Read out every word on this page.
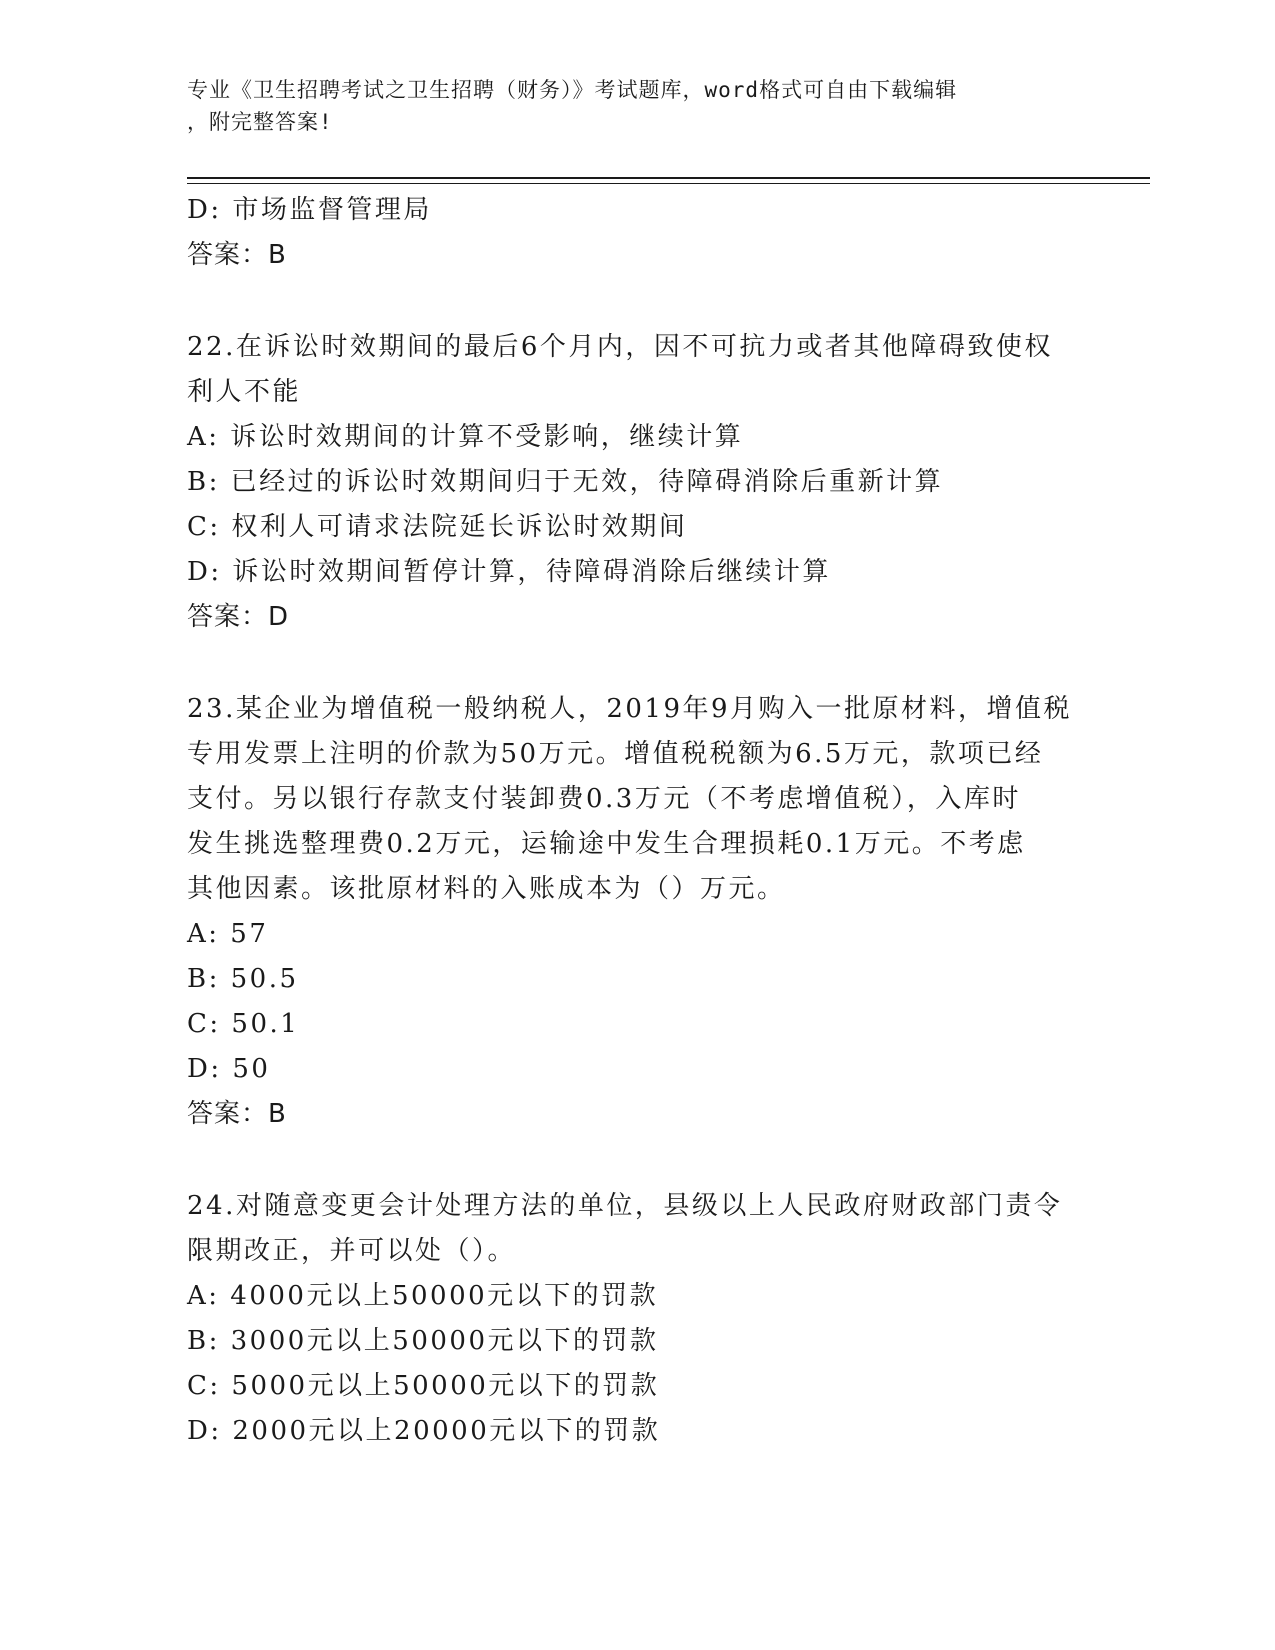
专业《卫生招聘考试之卫生招聘（财务）》考试题库，word格式可自由下载编辑
，附完整答案!
D: 市场监督管理局
答案：B
22.在诉讼时效期间的最后6个月内，因不可抗力或者其他障碍致使权
利人不能
A: 诉讼时效期间的计算不受影响，继续计算
B: 已经过的诉讼时效期间归于无效，待障碍消除后重新计算
C: 权利人可请求法院延长诉讼时效期间
D: 诉讼时效期间暂停计算，待障碍消除后继续计算
答案：D
23.某企业为增值税一般纳税人，2019年9月购入一批原材料，增值税
专用发票上注明的价款为50万元。增值税税额为6.5万元，款项已经
支付。另以银行存款支付装卸费0.3万元（不考虑增值税），入库时
发生挑选整理费0.2万元，运输途中发生合理损耗0.1万元。不考虑
其他因素。该批原材料的入账成本为（）万元。
A: 57
B: 50.5
C: 50.1
D: 50
答案：B
24.对随意变更会计处理方法的单位，县级以上人民政府财政部门责令
限期改正，并可以处（）。
A: 4000元以上50000元以下的罚款
B: 3000元以上50000元以下的罚款
C: 5000元以上50000元以下的罚款
D: 2000元以上20000元以下的罚款
